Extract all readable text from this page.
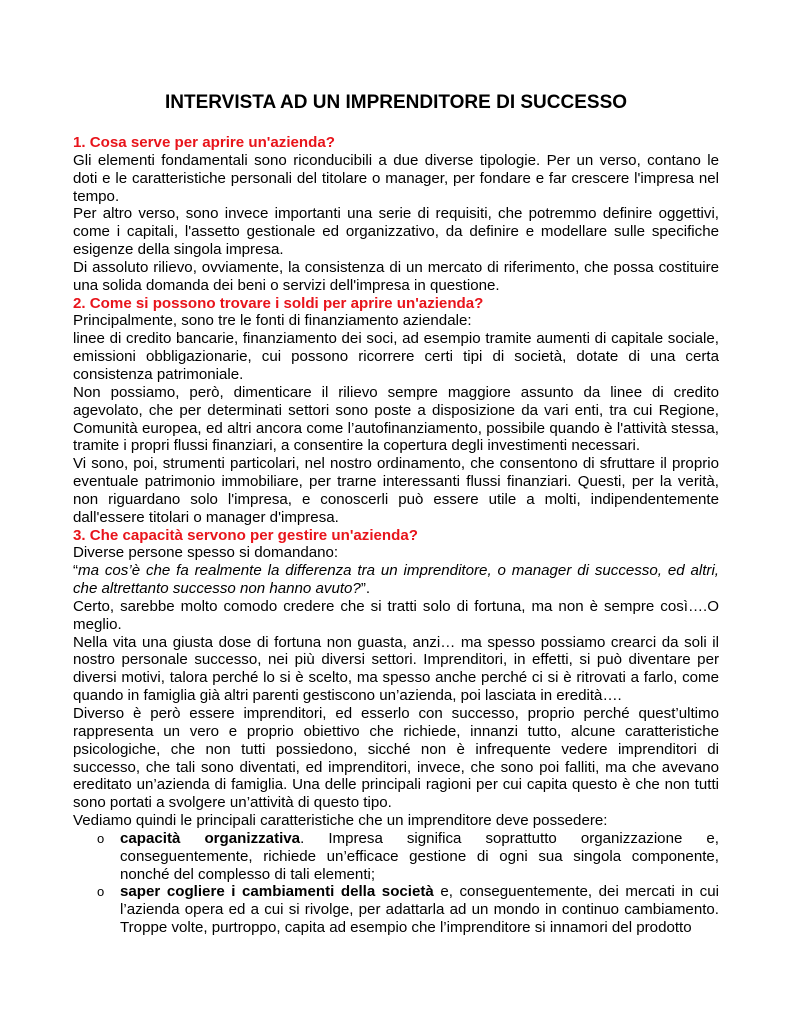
INTERVISTA AD UN IMPRENDITORE DI SUCCESSO

1. Cosa serve per aprire un'azienda?

Gli elementi fondamentali sono riconducibili a due diverse tipologie. Per un verso, contano le doti e le caratteristiche personali del titolare o manager, per fondare e far crescere l'impresa nel tempo.

Per altro verso, sono invece importanti una serie di requisiti, che potremmo definire oggettivi, come i capitali, l'assetto gestionale ed organizzativo, da definire e modellare sulle specifiche esigenze della singola impresa.

Di assoluto rilievo, ovviamente, la consistenza di un mercato di riferimento, che possa costituire una solida domanda dei beni o servizi dell'impresa in questione.

2. Come si possono trovare i soldi per aprire un'azienda?

Principalmente, sono tre le fonti di finanziamento aziendale:

linee di credito bancarie, finanziamento dei soci, ad esempio tramite aumenti di capitale sociale, emissioni obbligazionarie, cui possono ricorrere certi tipi di società, dotate di una certa consistenza patrimoniale.

Non possiamo, però, dimenticare il rilievo sempre maggiore assunto da linee di credito agevolato, che per determinati settori sono poste a disposizione da vari enti, tra cui Regione, Comunità europea, ed altri ancora come l’autofinanziamento, possibile quando è l'attività stessa, tramite i propri flussi finanziari, a consentire la copertura degli investimenti necessari.

Vi sono, poi, strumenti particolari, nel nostro ordinamento, che consentono di sfruttare il proprio eventuale patrimonio immobiliare, per trarne interessanti flussi finanziari. Questi, per la verità, non riguardano solo l'impresa, e conoscerli può essere utile a molti, indipendentemente dall'essere titolari o manager d'impresa.

3. Che capacità servono per gestire un'azienda?

Diverse persone spesso si domandano:

“ma cos’è che fa realmente la differenza tra un imprenditore, o manager di successo, ed altri, che altrettanto successo non hanno avuto?”.

Certo, sarebbe molto comodo credere che si tratti solo di fortuna, ma non è sempre così….O meglio.

Nella vita una giusta dose di fortuna non guasta, anzi… ma spesso possiamo crearci da soli il nostro personale successo, nei più diversi settori. Imprenditori, in effetti, si può diventare per diversi motivi, talora perché lo si è scelto, ma spesso anche perché ci si è ritrovati a farlo, come quando in famiglia già altri parenti gestiscono un’azienda, poi lasciata in eredità….

Diverso è però essere imprenditori, ed esserlo con successo, proprio perché quest’ultimo rappresenta un vero e proprio obiettivo che richiede, innanzi tutto, alcune caratteristiche psicologiche, che non tutti possiedono, sicché non è infrequente vedere imprenditori di successo, che tali sono diventati, ed imprenditori, invece, che sono poi falliti, ma che avevano ereditato un’azienda di famiglia. Una delle principali ragioni per cui capita questo è che non tutti sono portati a svolgere un’attività di questo tipo.

Vediamo quindi le principali caratteristiche che un imprenditore deve possedere:

o capacità organizzativa. Impresa significa soprattutto organizzazione e, conseguentemente, richiede un’efficace gestione di ogni sua singola componente, nonché del complesso di tali elementi;
o saper cogliere i cambiamenti della società e, conseguentemente, dei mercati in cui l’azienda opera ed a cui si rivolge, per adattarla ad un mondo in continuo cambiamento. Troppe volte, purtroppo, capita ad esempio che l’imprenditore si innamori del prodotto
